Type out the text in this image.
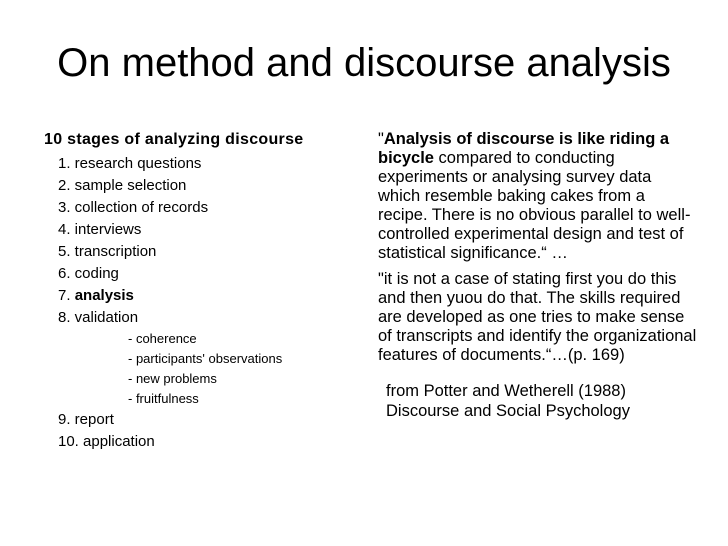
On method and discourse analysis
10 stages of analyzing discourse
1. research questions
2. sample selection
3. collection of records
4. interviews
5. transcription
6. coding
7. analysis
8. validation
- coherence
- participants' observations
- new problems
- fruitfulness
9. report
10. application
"Analysis of discourse is like riding a bicycle compared to conducting experiments or analysing survey data which resemble baking cakes from a recipe. There is no obvious parallel to well-controlled experimental design and test of statistical significance.“ …
"it is not a case of stating first you do this and then yuou do that. The skills required are developed as one tries to make sense of transcripts and identify the organizational features of documents.“…(p. 169)
from Potter and Wetherell (1988)
Discourse and Social Psychology
